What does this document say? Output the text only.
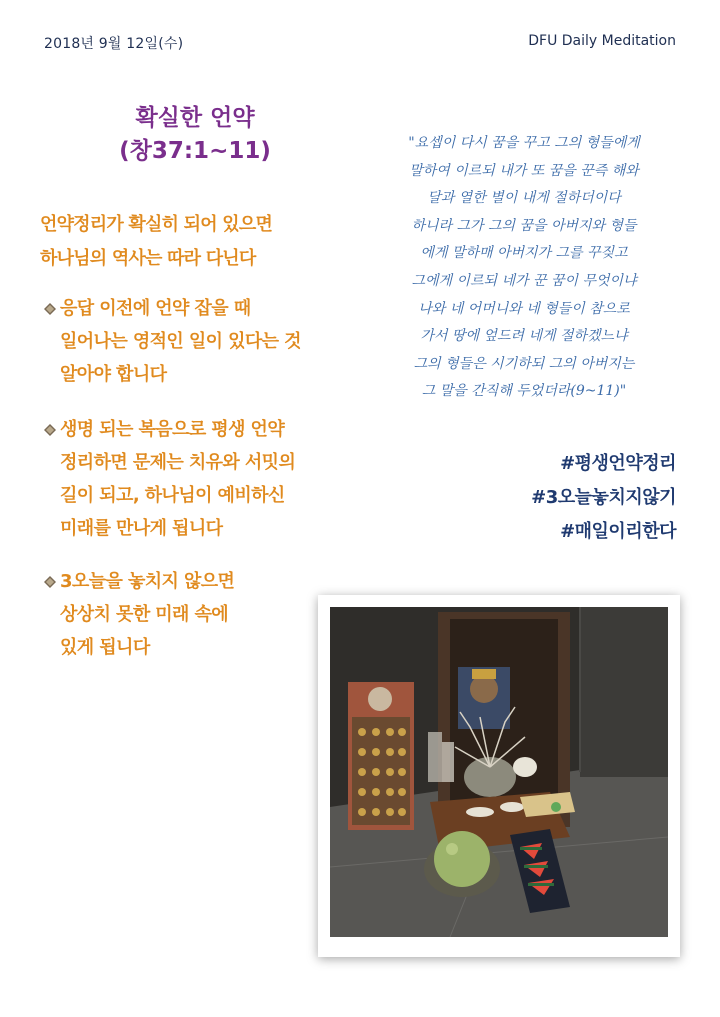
2018년 9월 12일(수)	DFU Daily Meditation
확실한 언약
(창37:1~11)
언약정리가 확실히 되어 있으면
하나님의 역사는 따라 다닌다
응답 이전에 언약 잡을 때
일어나는 영적인 일이 있다는 것
알아야 합니다
생명 되는 복음으로 평생 언약
정리하면 문제는 치유와 서밋의
길이 되고, 하나님이 예비하신
미래를 만나게 됩니다
3오늘을 놓치지 않으면
상상치 못한 미래 속에
있게 됩니다
"요셉이 다시 꿈을 꾸고 그의 형들에게
말하여 이르되 내가 또 꿈을 꾼즉 해와
달과 열한 별이 내게 절하더이다
하니라 그가 그의 꿈을 아버지와 형들
에게 말하매 아버지가 그를 꾸짖고
그에게 이르되 네가 꾼 꿈이 무엇이냐
나와 네 어머니와 네 형들이 참으로
가서 땅에 엎드려 네게 절하겠느냐
그의 형들은 시기하되 그의 아버지는
그 말을 간직해 두었더라(9~11)"
#평생언약정리
#3오늘놓치지않기
#매일이리한다
